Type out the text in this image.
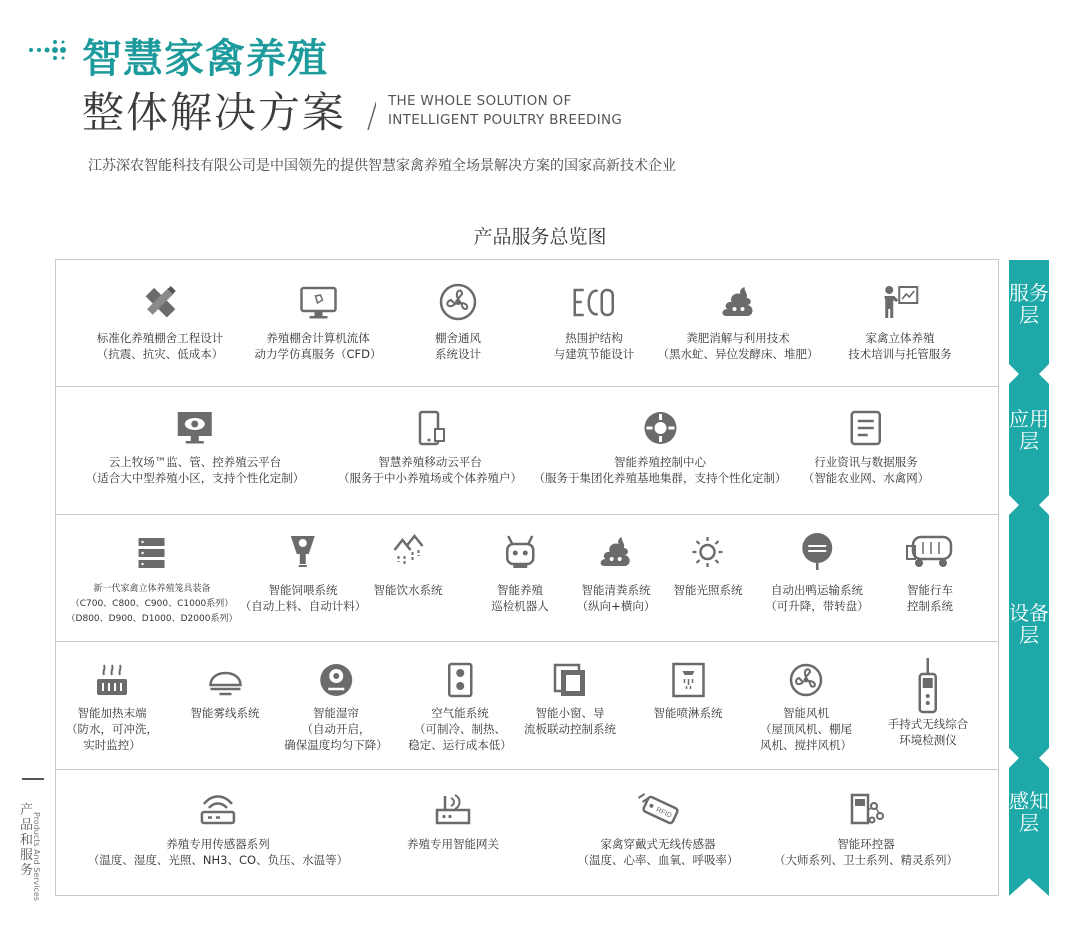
智慧家禽养殖
整体解决方案	THE WHOLE SOLUTION OF
INTELLIGENT POULTRY BREEDING
江苏深农智能科技有限公司是中国领先的提供智慧家禽养殖全场景解决方案的国家高新技术企业
产品服务总览图
服务层
应用层
设备层
感知层
产品和服务
Products And Services
标准化养殖棚舍工程设计
（抗震、抗灾、低成本）
养殖棚舍计算机流体
动力学仿真服务（CFD）
棚舍通风
系统设计
热围护结构
与建筑节能设计
粪肥消解与利用技术
（黑水虻、异位发酵床、堆肥）
家禽立体养殖
技术培训与托管服务
云上牧场™监、管、控养殖云平台
（适合大中型养殖小区，支持个性化定制）
智慧养殖移动云平台
（服务于中小养殖场或个体养殖户）
智能养殖控制中心
（服务于集团化养殖基地集群，支持个性化定制）
行业资讯与数据服务
（智能农业网、水禽网）
新一代家禽立体养殖笼具装备
（C700、C800、C900、C1000系列）
（D800、D900、D1000、D2000系列）
智能饲喂系统
（自动上料、自动计料）
智能饮水系统	智能养殖
巡检机器人
智能清粪系统
（纵向+横向）
智能光照系统	自动出鸭运输系统
（可升降，带转盘）
智能行车
控制系统
智能加热末端
（防水，可冲洗，
实时监控）
智能雾线系统	智能湿帘
（自动开启，
确保温度均匀下降）
空气能系统
（可制冷、制热、
稳定、运行成本低）
智能小窗、导
流板联动控制系统
智能喷淋系统	智能风机
（屋顶风机、棚尾
风机、搅拌风机）
手持式无线综合
环境检测仪
养殖专用传感器系列
（温度、湿度、光照、NH3、CO、负压、水温等）
养殖专用智能网关
RFID
家禽穿戴式无线传感器
（温度、心率、血氧、呼吸率）
智能环控器
（大师系列、卫士系列、精灵系列）
